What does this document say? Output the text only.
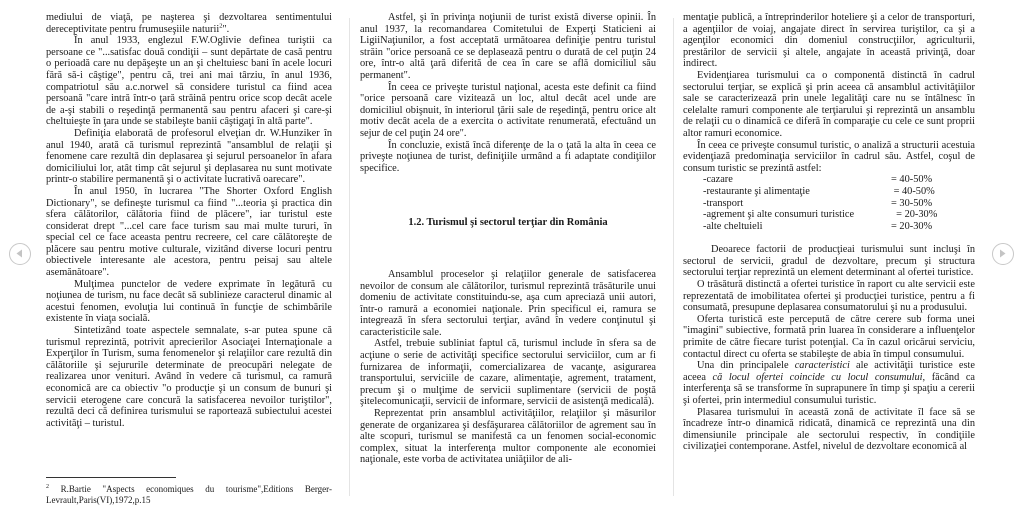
mediului de viaţă, pe naşterea şi dezvoltarea sentimentului dereceptivitate pentru frumuseşiile naturii$^2$".

În anul 1933, englezul F.W.Oglivie definea turiştii ca persoane ce "...satisfac două condiţii – sunt depărtate de casă pentru o perioadă care nu depăşeşte un an şi cheltuiesc bani în acele locuri fără să-i câştige", pentru că, trei ani mai târziu, în anul 1936, compatriotul său a.c.norwel să considere turistul ca fiind acea persoană "care intră într-o ţară străină pentru orice scop decât acele de a-şi stabili o reşedinţă permanentă sau pentru afaceri şi care-şi cheltuieşte în ţara unde se stabileşte banii câştigaţi în altă parte".

Definiţia elaborată de profesorul elveţian dr. W.Hunziker în anul 1940, arată că turismul reprezintă "ansamblul de relaţii şi fenomene care rezultă din deplasarea şi sejurul persoanelor în afara domiciliului lor, atât timp cât sejurul şi deplasarea nu sunt motivate printr-o stabilire permanentă şi o activitate lucrativă oarecare".

În anul 1950, în lucrarea "The Shorter Oxford English Dictionary", se defineşte turismul ca fiind "...teoria şi practica din sfera călătorilor, călătoria fiind de plăcere", iar turistul este considerat drept "...cel care face turism sau mai multe tururi, în special cel ce face aceasta pentru recreere, cel care călătoreşte de plăcere sau pentru motive culturale, vizitând diverse locuri pentru obiectivele interesante ale acestora, pentru peisaj sau altele asemănătoare".

Mulţimea punctelor de vedere exprimate în legătură cu noţiunea de turism, nu face decât să sublinieze caracterul dinamic al acestui fenomen, evoluţia lui continuă în funcţie de schimbările existente în viaţa socială.

Sintetizând toate aspectele semnalate, s-ar putea spune că turismul reprezintă, potrivit aprecierilor Asociaţei Internaţionale a Experţilor în Turism, suma fenomenelor şi relaţiilor care rezultă din călătoriile şi sejururile determinate de preocupări nelegate de realizarea unor venituri. Având în vedere că turismul, ca ramură economică are ca obiectiv "o producţie şi un consum de bunuri şi servicii eterogene care concură la satisfacerea nevoilor turiştilor", rezultă deci că definirea turismului se raportează subiectului acestei activităţi – turistul.

$^2$ R.Bartie "Aspects economiques du tourisme",Editions Berger-Levrault,Paris(VI),1972,p.15

Astfel, şi în privinţa noţiunii de turist există diverse opinii. În anul 1937, la recomandarea Comitetului de Experţi Staticieni ai LigiiNaţiunilor, a fost acceptată următoarea definiţie pentru turistul străin "orice persoană ce se deplasează pentru o durată de cel puţin 24 ore, într-o altă ţară diferită de cea în care se află domiciliul său permanent".

În ceea ce priveşte turistul naţional, acesta este definit ca fiind "orice persoană care vizitează un loc, altul decât acel unde are domiciliul obişnuit, în interiorul ţării sale de reşedinţă, pentru orice alt motiv decât acela de a exercita o activitate renumerată, efectuând un sejur de cel puţin 24 ore".

În concluzie, există încă diferenţe de la o ţată la alta în ceea ce priveşte noţiunea de turist, definiţiile urmând a fi adaptate condiţiilor specifice.

1.2. Turismul şi sectorul terţiar din România

Ansamblul proceselor şi relaţiilor generale de satisfacerea nevoilor de consum ale călătorilor, turismul reprezintă trăsăturile unui domeniu de activitate constituindu-se, aşa cum apreciază unii autori, într-o ramură a economiei naţionale. Prin specificul ei, ramura se integrează în sfera sectorului terţiar, având în vedere conţinutul şi caracteristicile sale.

Astfel, trebuie subliniat faptul că, turismul include în sfera sa de acţiune o serie de activităţi specifice sectorului serviciilor, cum ar fi furnizarea de informaţii, comercializarea de vacanţe, asigurarea transportului, serviciile de cazare, alimentaţie, agrement, tratament, precum şi o mulţime de servicii suplimentare (servicii de poştă şitelecomunicaţii, servicii de informare, servicii de asistenţă medicală).

Reprezentat prin ansamblul activităţiilor, relaţiilor şi măsurilor generate de organizarea şi desfăşurarea călătoriilor de agrement sau în alte scopuri, turismul se manifestă ca un fenomen social-economic complex, situat la interferenţa multor componente ale economiei naţionale, este vorba de activitatea uniăţiilor de ali-

mentaţie publică, a întreprinderilor hoteliere şi a celor de transporturi, a agenţiilor de voiaj, angajate direct în servirea turiştilor, ca şi a agenţilor economici din domeniul construcţiilor, agriculturii, prestărilor de servicii şi altele, angajate în această privinţă, doar indirect.

Evidenţiarea turismului ca o componentă distinctă în cadrul sectorului terţiar, se explică şi prin aceea că ansamblul activităţiilor sale se caracterizează prin unele legalităţi care nu se întâlnesc în celelalte ramuri componente ale terţiarului şi reprezintă un ansamblu de relaţii cu o dinamică ce diferă în comparaţie cu cele ce sunt proprii altor ramuri economice.

În ceea ce priveşte consumul turistic, o analiză a structurii acestuia evidenţiază predominaţia serviciilor în cadrul său. Astfel, coşul de consum turistic se prezintă astfel:

-cazare	= 40-50%
-restaurante şi alimentaţie	= 40-50%
-transport	= 30-50%
-agrement şi alte consumuri turistice	= 20-30%
-alte cheltuieli	= 20-30%

Deoarece factorii de producţieai turismului sunt incluşi în sectorul de servicii, gradul de dezvoltare, precum şi structura sectorului terţiar reprezintă un element determinant al ofertei turistice.

O trăsătură distinctă a ofertei turistice în raport cu alte servicii este reprezentată de imobilitatea ofertei şi producţiei turistice, pentru a fi consumată, presupune deplasarea consumatorului şi nu a produsului.

Oferta turistică este percepută de către cerere sub forma unei "imagini" subiective, formată prin luarea în considerare a influenţelor primite de către fiecare turist potenţial. Ca în cazul oricărui serviciu, contactul direct cu oferta se stabileşte de abia în timpul consumului.

Una din principalele caracteristici ale activităţii turistice este aceea că locul ofertei coincide cu locul consumului, făcând ca interferenţa să se transforme în suprapunere în timp şi spaţiu a cererii şi ofertei, prin intermediul consumului turistic.

Plasarea turismului în această zonă de activitate îl face să se încadreze într-o dinamică ridicată, dinamică ce reprezintă una din dimensiunile principale ale sectorului respectiv, în condiţiile civilizaţiei contemporane. Astfel, nivelul de dezvoltare economică al
